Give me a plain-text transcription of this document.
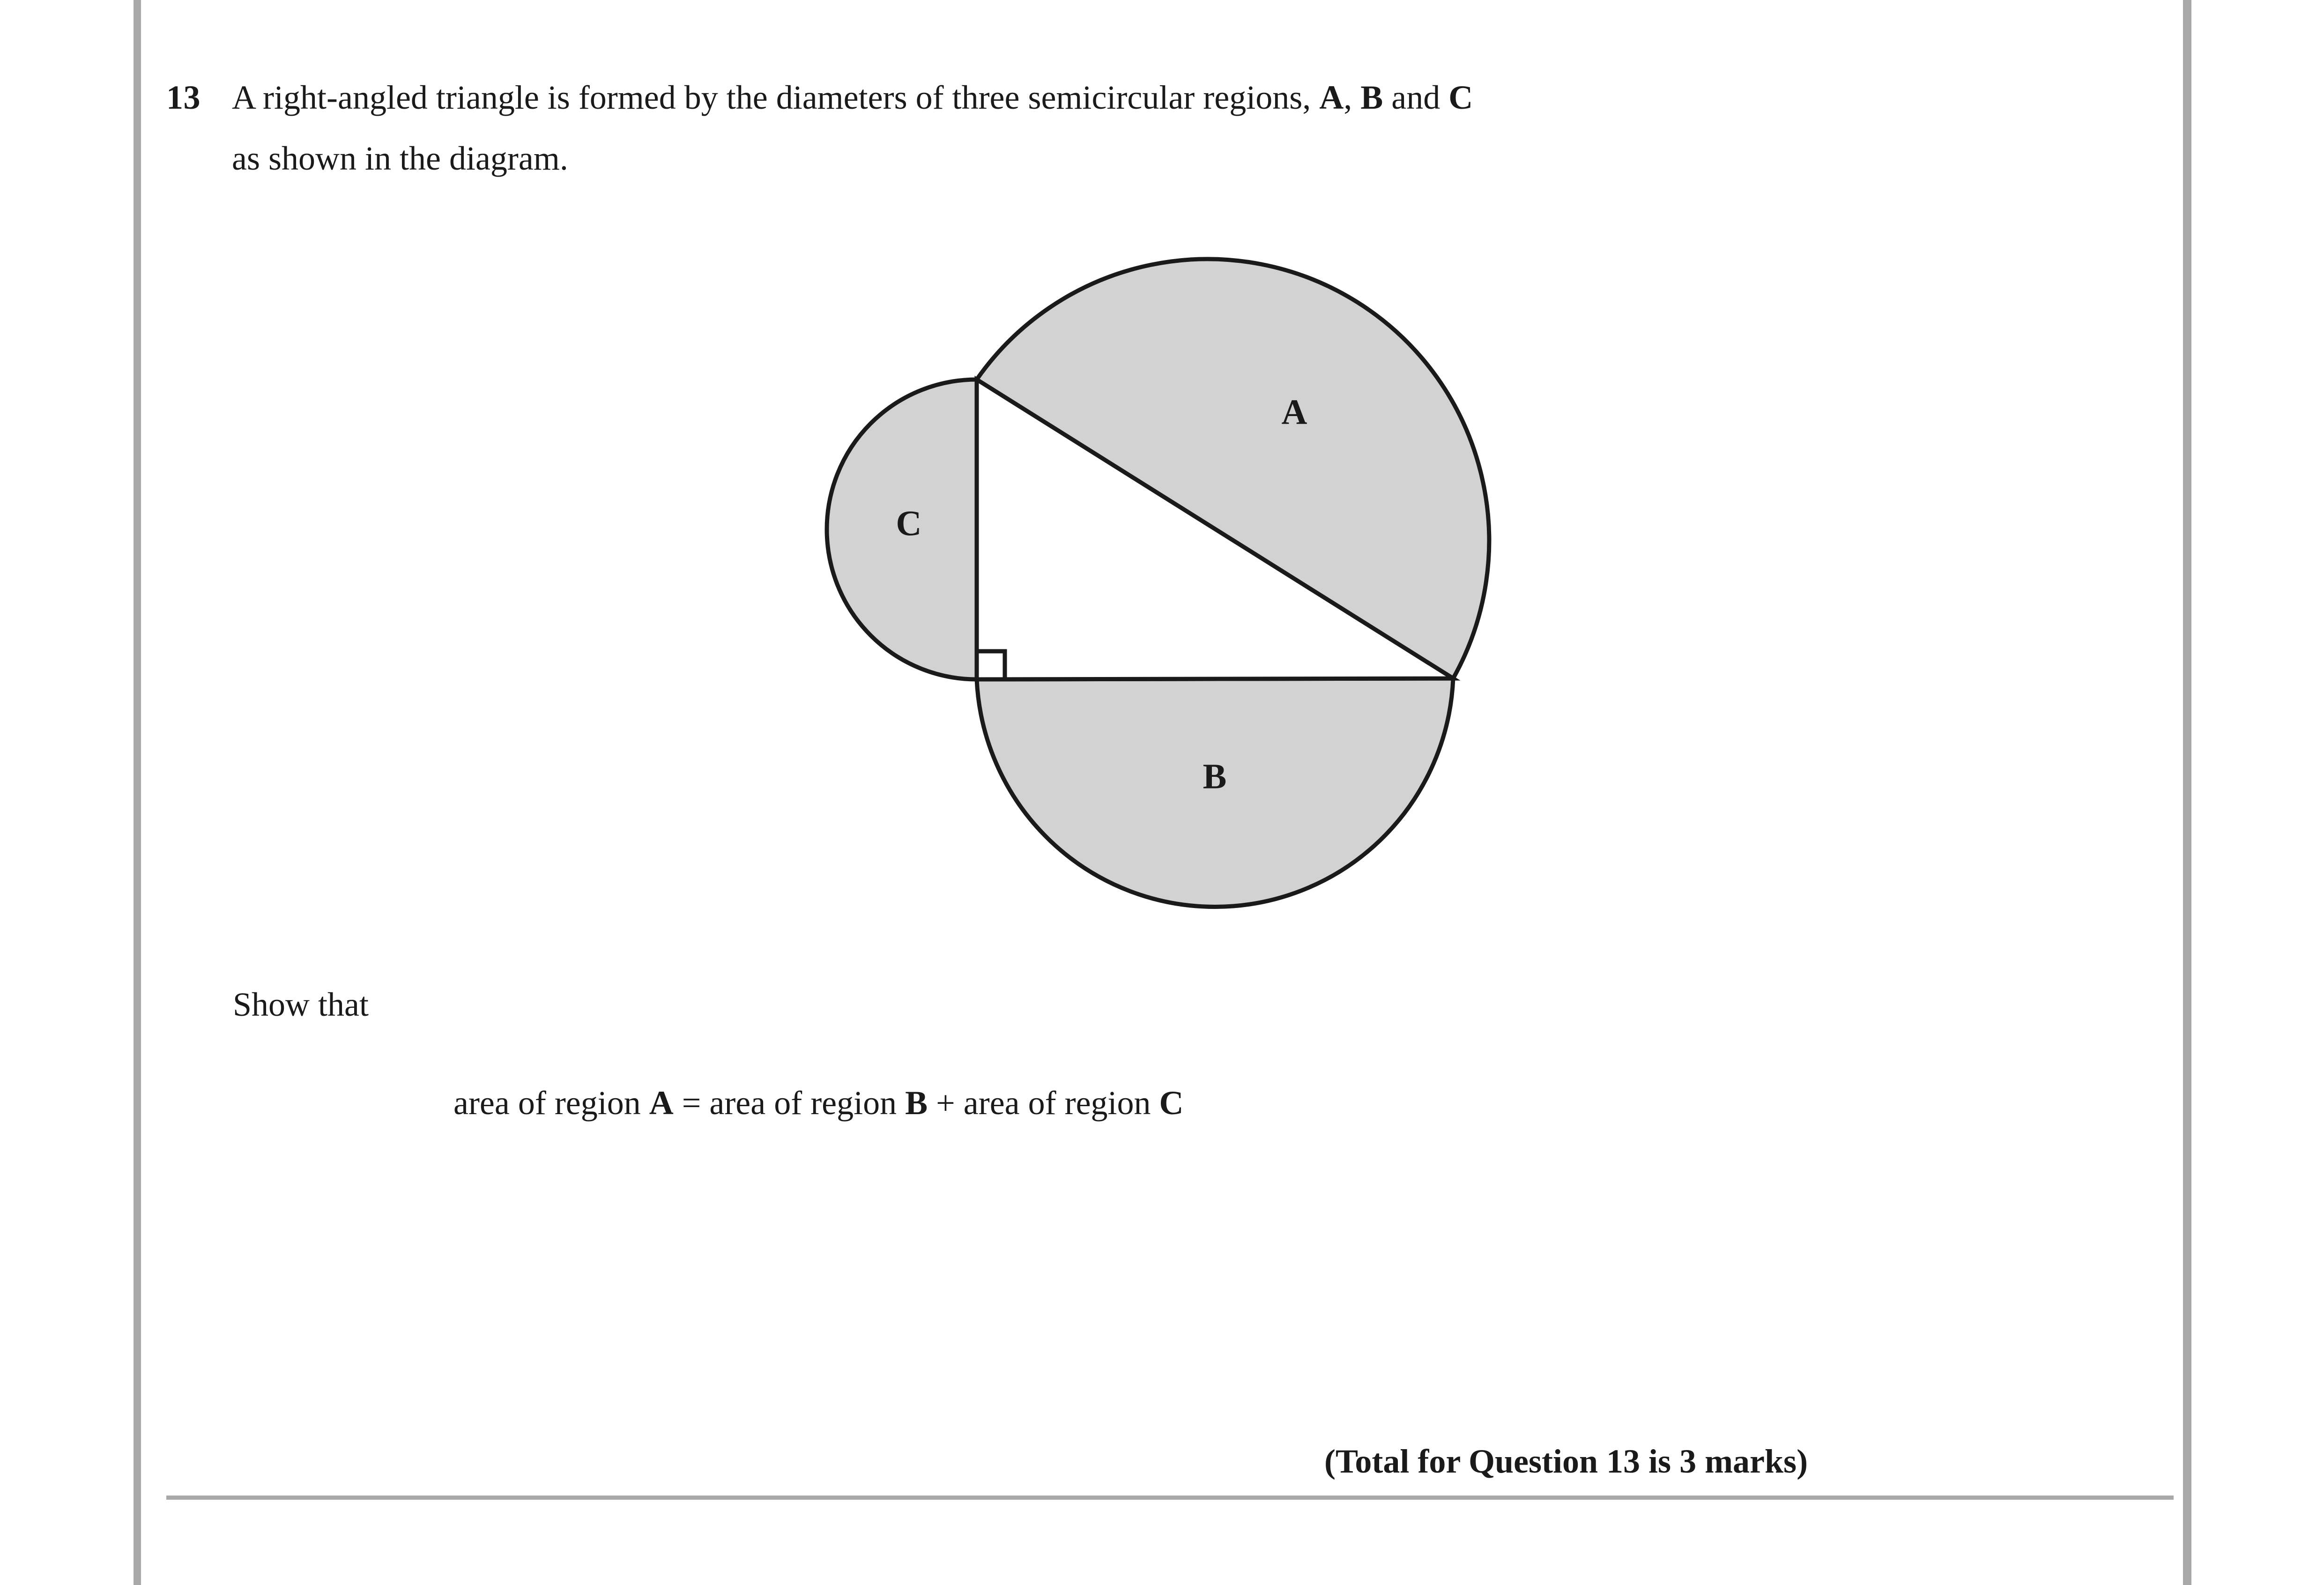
13 A right-angled triangle is formed by the diameters of three semicircular regions, A, B and C
as shown in the diagram.
A
B
C
Show that
area of region A = area of region B + area of region C
(Total for Question 13 is 3 marks)
